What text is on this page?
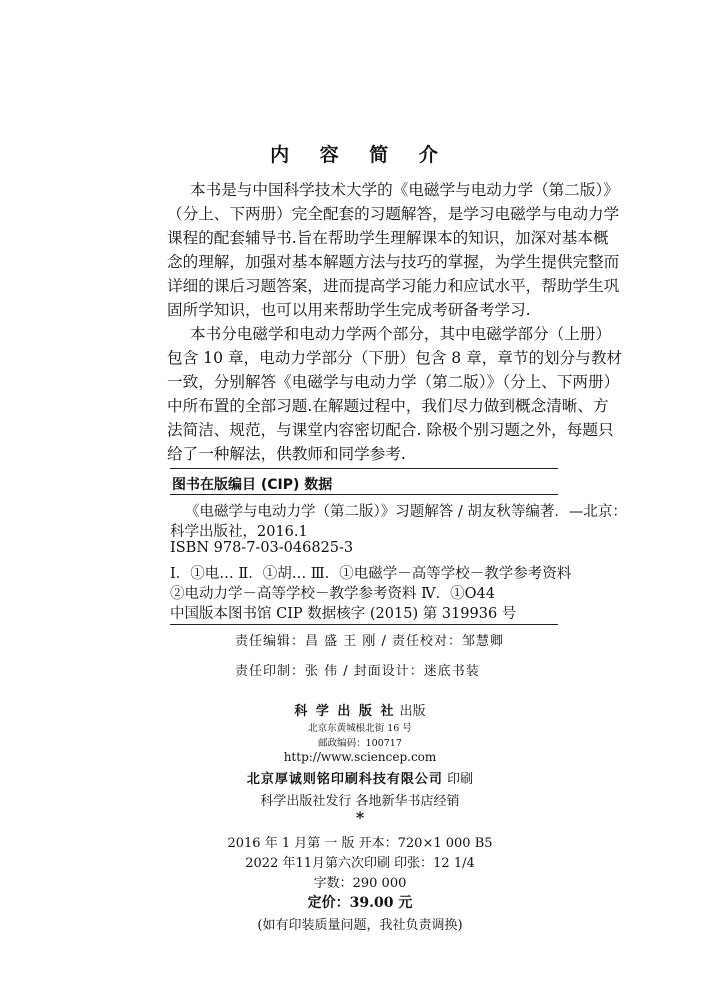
内 容 简 介
本书是与中国科学技术大学的《电磁学与电动力学（第二版）》
（分上、下两册）完全配套的习题解答，是学习电磁学与电动力学
课程的配套辅导书.旨在帮助学生理解课本的知识，加深对基本概
念的理解，加强对基本解题方法与技巧的掌握，为学生提供完整而
详细的课后习题答案，进而提高学习能力和应试水平，帮助学生巩
固所学知识，也可以用来帮助学生完成考研备考学习.
本书分电磁学和电动力学两个部分，其中电磁学部分（上册）
包含 10 章，电动力学部分（下册）包含 8 章，章节的划分与教材
一致，分别解答《电磁学与电动力学（第二版）》（分上、下两册）
中所布置的全部习题.在解题过程中，我们尽力做到概念清晰、方
法简洁、规范，与课堂内容密切配合. 除极个别习题之外，每题只
给了一种解法，供教师和同学参考.
图书在版编目 (CIP) 数据
《电磁学与电动力学（第二版）》习题解答 / 胡友秋等编著．—北京：
科学出版社，2016.1
ISBN 978-7-03-046825-3
Ⅰ．①电… Ⅱ．①胡… Ⅲ．①电磁学－高等学校－教学参考资料
②电动力学－高等学校－教学参考资料 Ⅳ．①O44
中国版本图书馆 CIP 数据核字 (2015) 第 319936 号
责任编辑：昌 盛 王 刚 / 责任校对：邹慧卿
责任印制：张 伟 / 封面设计：迷底书装
科 学 出 版 社 出版
北京东黄城根北街 16 号
邮政编码：100717
http://www.sciencep.com
北京厚诚则铭印刷科技有限公司 印刷
科学出版社发行 各地新华书店经销
*
2016 年 1 月第 一 版 开本：720×1 000 B5
2022 年11月第六次印刷 印张：12 1/4
字数：290 000
定价：39.00 元
(如有印装质量问题，我社负责调换)
